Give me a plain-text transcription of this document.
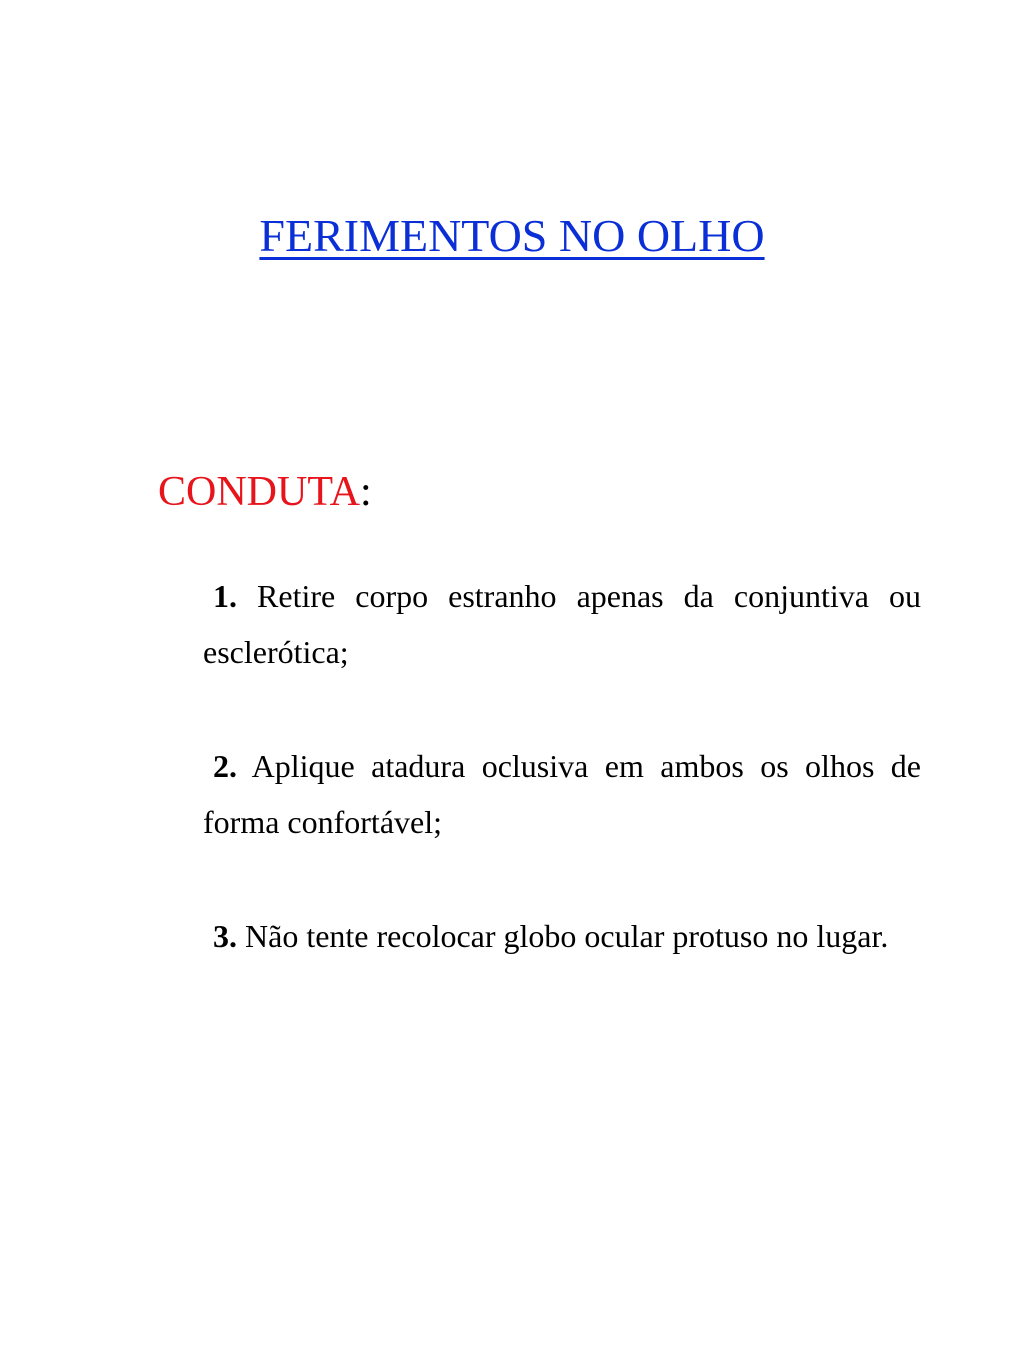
FERIMENTOS NO OLHO
CONDUTA:
1. Retire corpo estranho apenas da conjuntiva ou esclerótica;
2. Aplique atadura oclusiva em ambos os olhos de forma confortável;
3. Não tente recolocar globo ocular protuso no lugar.
